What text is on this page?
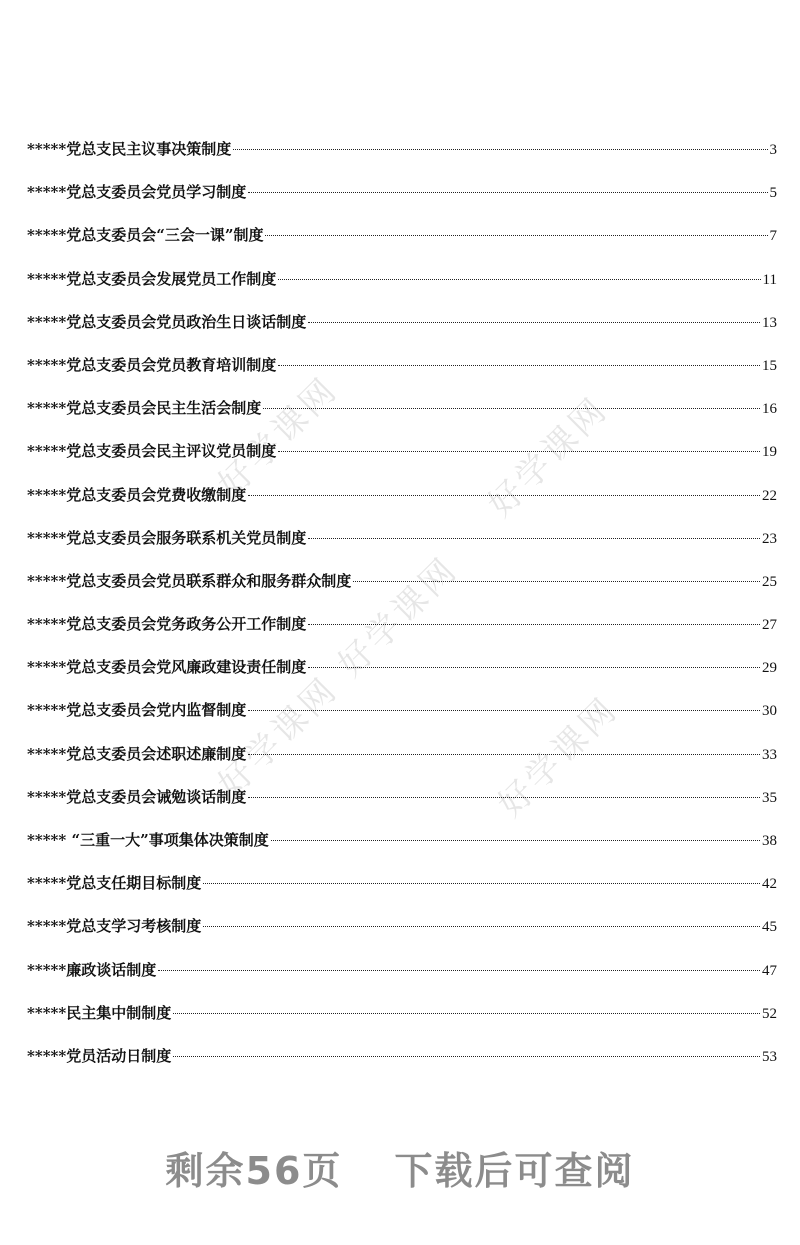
好学课网	好学课网
好学课网
好学课网	好学课网
*****党总支民主议事决策制度	3
*****党总支委员会党员学习制度	5
*****党总支委员会“三会一课”制度	7
*****党总支委员会发展党员工作制度	11
*****党总支委员会党员政治生日谈话制度	13
*****党总支委员会党员教育培训制度	15
*****党总支委员会民主生活会制度	16
*****党总支委员会民主评议党员制度	19
*****党总支委员会党费收缴制度	22
*****党总支委员会服务联系机关党员制度	23
*****党总支委员会党员联系群众和服务群众制度	25
*****党总支委员会党务政务公开工作制度	27
*****党总支委员会党风廉政建设责任制度	29
*****党总支委员会党内监督制度	30
*****党总支委员会述职述廉制度	33
*****党总支委员会诫勉谈话制度	35
***** “三重一大”事项集体决策制度	38
*****党总支任期目标制度	42
*****党总支学习考核制度	45
*****廉政谈话制度	47
*****民主集中制制度	52
*****党员活动日制度	53
剩余56页 下载后可查阅
